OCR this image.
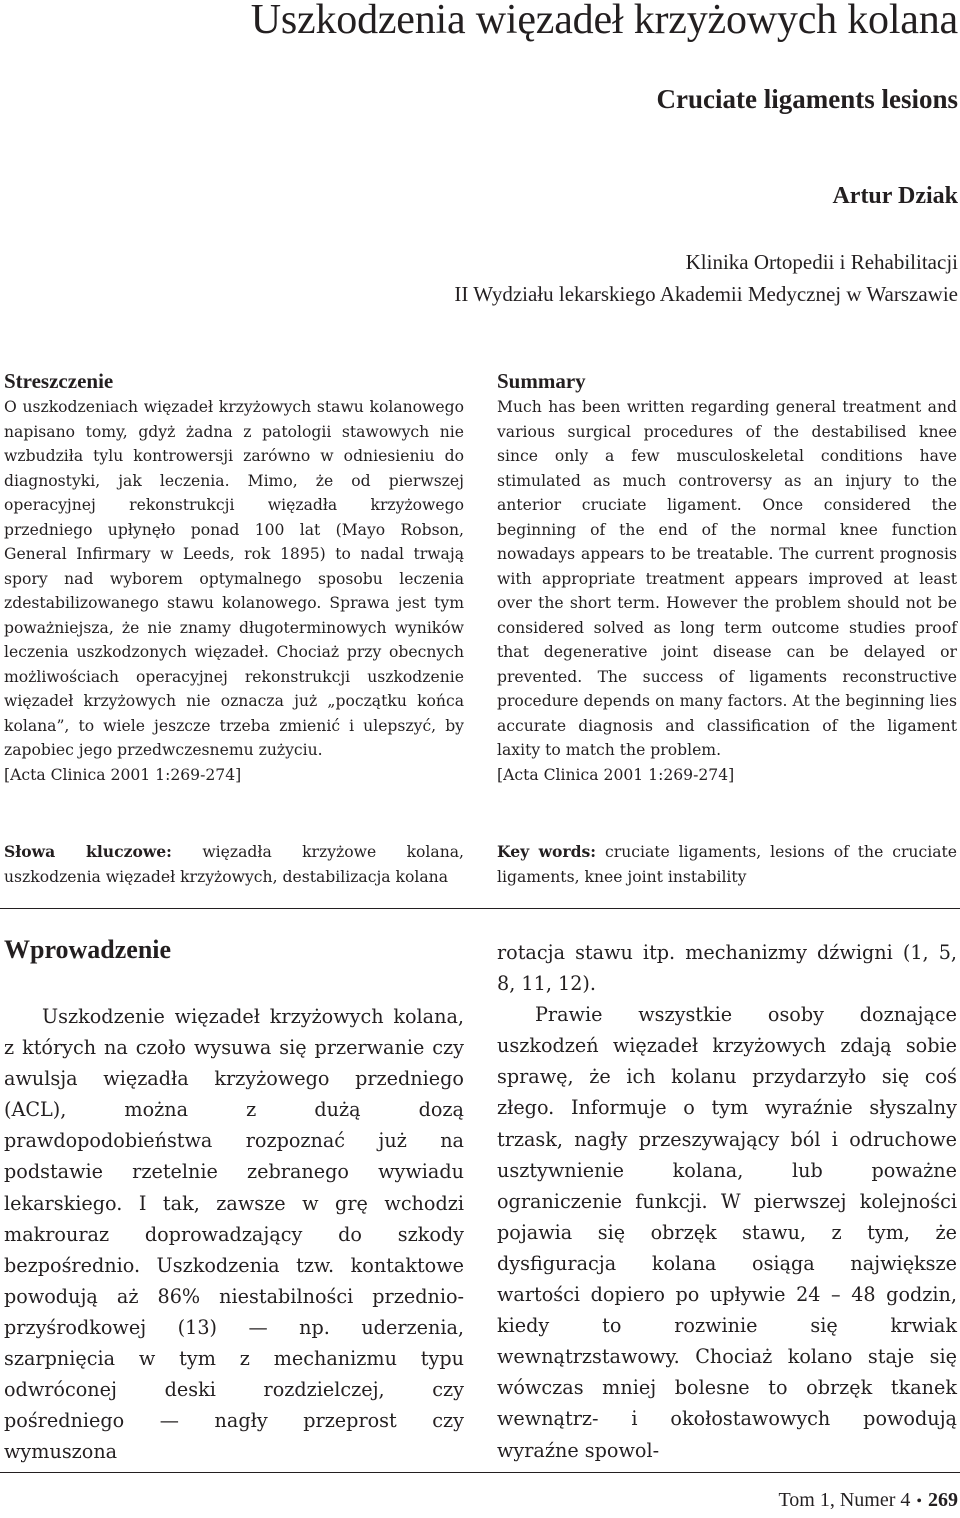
Uszkodzenia więzadeł krzyżowych kolana
Cruciate ligaments lesions
Artur Dziak
Klinika Ortopedii i Rehabilitacji
II Wydziału lekarskiego Akademii Medycznej w Warszawie
Streszczenie

O uszkodzeniach więzadeł krzyżowych stawu kolanowego napisano tomy, gdyż żadna z patologii stawowych nie wzbudziła tylu kontrowersji zarówno w odniesieniu do diagnostyki, jak leczenia. Mimo, że od pierwszej operacyjnej rekonstrukcji więzadła krzyżowego przedniego upłynęło ponad 100 lat (Mayo Robson, General Infirmary w Leeds, rok 1895) to nadal trwają spory nad wyborem optymalnego sposobu leczenia zdestabilizowanego stawu kolanowego. Sprawa jest tym poważniejsza, że nie znamy długoterminowych wyników leczenia uszkodzonych więzadeł. Chociaż przy obecnych możliwościach operacyjnej rekonstrukcji uszkodzenie więzadeł krzyżowych nie oznacza już „początku końca kolana”, to wiele jeszcze trzeba zmienić i ulepszyć, by zapobiec jego przedwczesnemu zużyciu.

[Acta Clinica 2001 1:269-274]
Summary

Much has been written regarding general treatment and various surgical procedures of the destabilised knee since only a few musculoskeletal conditions have stimulated as much controversy as an injury to the anterior cruciate ligament. Once considered the beginning of the end of the normal knee function nowadays appears to be treatable. The current prognosis with appropriate treatment appears improved at least over the short term. However the problem should not be considered solved as long term outcome studies proof that degenerative joint disease can be delayed or prevented. The success of ligaments reconstructive procedure depends on many factors. At the beginning lies accurate diagnosis and classification of the ligament laxity to match the problem.

[Acta Clinica 2001 1:269-274]
Słowa kluczowe: więzadła krzyżowe kolana, uszkodzenia więzadeł krzyżowych, destabilizacja kolana
Key words: cruciate ligaments, lesions of the cruciate ligaments, knee joint instability
Wprowadzenie

Uszkodzenie więzadeł krzyżowych kolana, z których na czoło wysuwa się przerwanie czy awulsja więzadła krzyżowego przedniego (ACL), można z dużą dozą prawdopodobieństwa rozpoznać już na podstawie rzetelnie zebranego wywiadu lekarskiego. I tak, zawsze w grę wchodzi makrouraz doprowadzający do szkody bezpośrednio. Uszkodzenia tzw. kontaktowe powodują aż 86% niestabilności przednio-przyśrodkowej (13) — np. uderzenia, szarpnięcia w tym z mechanizmu typu odwróconej deski rozdzielczej, czy pośredniego — nagły przeprost czy wymuszona

rotacja stawu itp. mechanizmy dźwigni (1, 5, 8, 11, 12).

Prawie wszystkie osoby doznające uszkodzeń więzadeł krzyżowych zdają sobie sprawę, że ich kolanu przydarzyło się coś złego. Informuje o tym wyraźnie słyszalny trzask, nagły przeszywający ból i odruchowe usztywnienie kolana, lub poważne ograniczenie funkcji. W pierwszej kolejności pojawia się obrzęk stawu, z tym, że dysfiguracja kolana osiąga największe wartości dopiero po upływie 24 – 48 godzin, kiedy to rozwinie się krwiak wewnątrzstawowy. Chociaż kolano staje się wówczas mniej bolesne to obrzęk tkanek wewnątrz- i okołostawowych powodują wyraźne spowol-

Tom 1, Numer 4 • 269
